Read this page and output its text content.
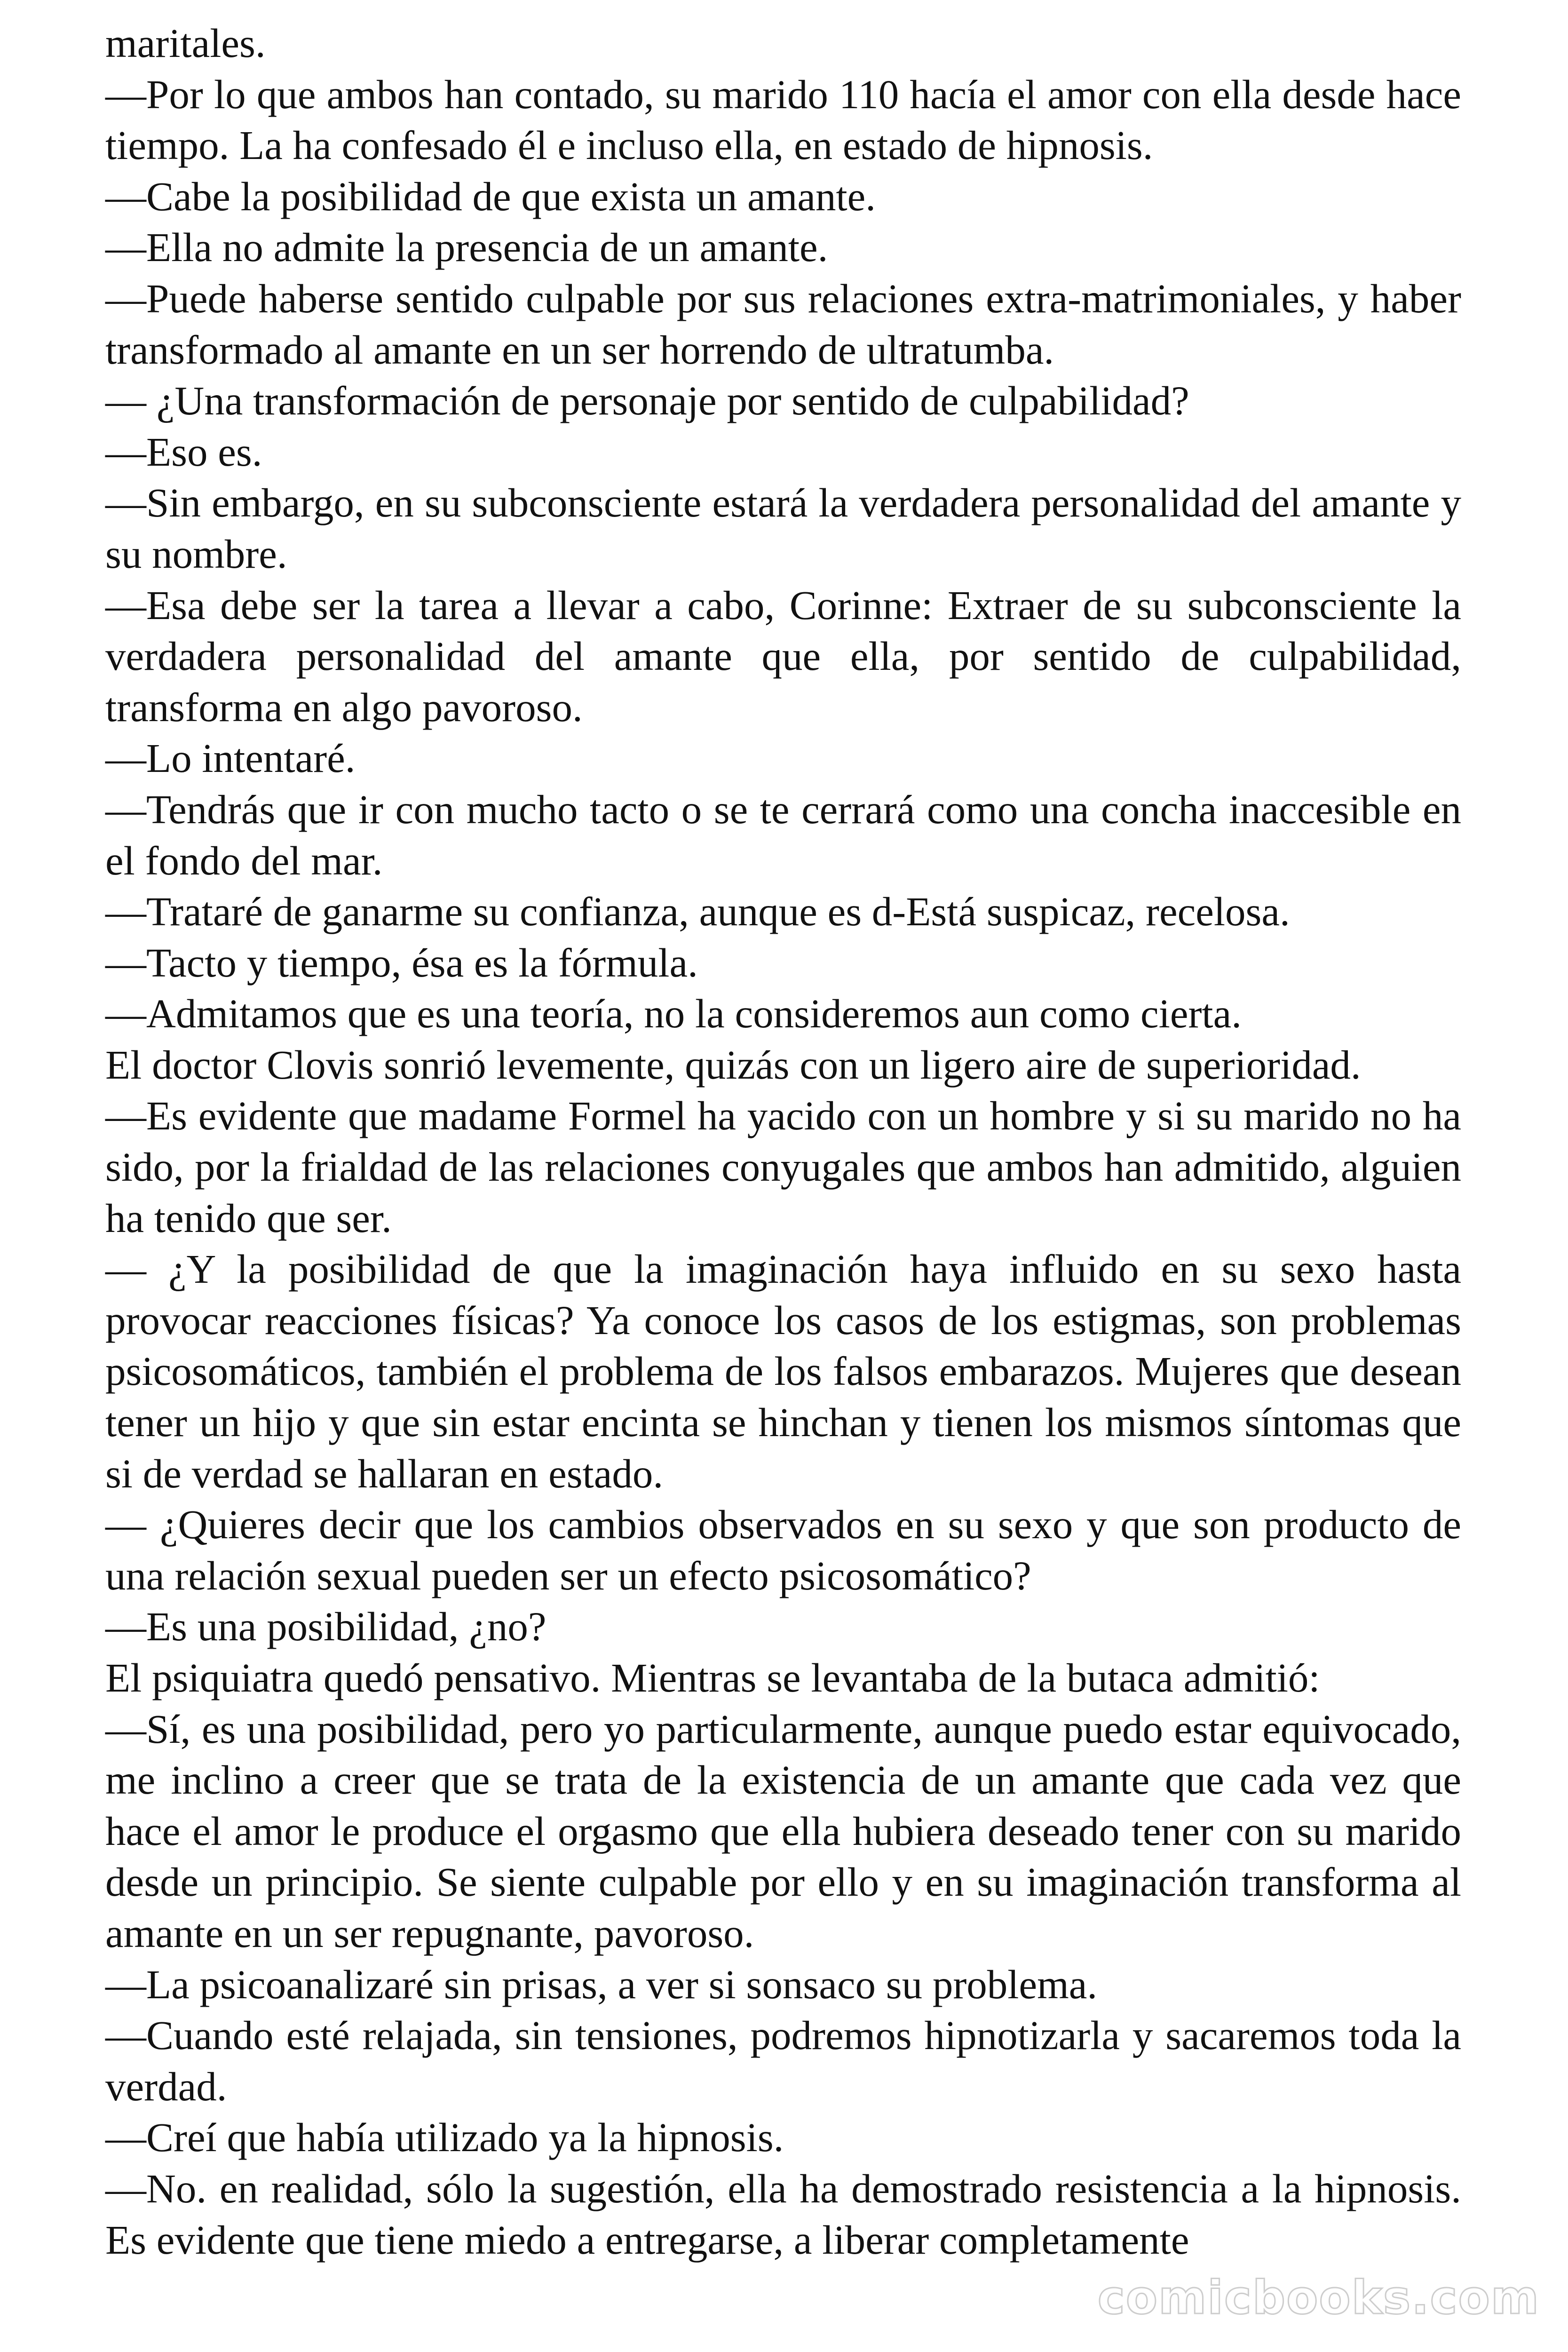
maritales.

—Por lo que ambos han contado, su marido 110 hacía el amor con ella desde hace tiempo. La ha confesado él e incluso ella, en estado de hipnosis.

—Cabe la posibilidad de que exista un amante.

—Ella no admite la presencia de un amante.

—Puede haberse sentido culpable por sus relaciones extra-matrimoniales, y haber transformado al amante en un ser horrendo de ultratumba.

— ¿Una transformación de personaje por sentido de culpabilidad?

—Eso es.

—Sin embargo, en su subconsciente estará la verdadera personalidad del amante y su nombre.

—Esa debe ser la tarea a llevar a cabo, Corinne: Extraer de su subconsciente la verdadera personalidad del amante que ella, por sentido de culpabilidad, transforma en algo pavoroso.

—Lo intentaré.

—Tendrás que ir con mucho tacto o se te cerrará como una concha inaccesible en el fondo del mar.

—Trataré de ganarme su confianza, aunque es d-Está suspicaz, recelosa.

—Tacto y tiempo, ésa es la fórmula.

—Admitamos que es una teoría, no la consideremos aun como cierta.

El doctor Clovis sonrió levemente, quizás con un ligero aire de superioridad.

—Es evidente que madame Formel ha yacido con un hombre y si su marido no ha sido, por la frialdad de las relaciones conyugales que ambos han admitido, alguien ha tenido que ser.

— ¿Y la posibilidad de que la imaginación haya influido en su sexo hasta provocar reacciones físicas? Ya conoce los casos de los estigmas, son problemas psicosomáticos, también el problema de los falsos embarazos. Mujeres que desean tener un hijo y que sin estar encinta se hinchan y tienen los mismos síntomas que si de verdad se hallaran en estado.

— ¿Quieres decir que los cambios observados en su sexo y que son producto de una relación sexual pueden ser un efecto psicosomático?

—Es una posibilidad, ¿no?

El psiquiatra quedó pensativo. Mientras se levantaba de la butaca admitió:

—Sí, es una posibilidad, pero yo particularmente, aunque puedo estar equivocado, me inclino a creer que se trata de la existencia de un amante que cada vez que hace el amor le produce el orgasmo que ella hubiera deseado tener con su marido desde un principio. Se siente culpable por ello y en su imaginación transforma al amante en un ser repugnante, pavoroso.

—La psicoanalizaré sin prisas, a ver si sonsaco su problema.

—Cuando esté relajada, sin tensiones, podremos hipnotizarla y sacaremos toda la verdad.

—Creí que había utilizado ya la hipnosis.

—No. en realidad, sólo la sugestión, ella ha demostrado resistencia a la hipnosis. Es evidente que tiene miedo a entregarse, a liberar completamente

comicbooks.com
